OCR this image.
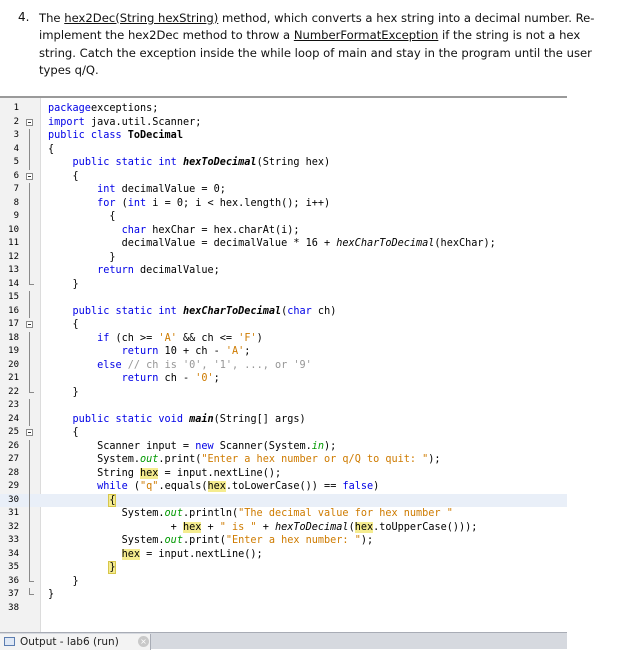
4. The hex2Dec(String hexString) method, which converts a hex string into a decimal number. Re-implement the hex2Dec method to throw a NumberFormatException if the string is not a hex string. Catch the exception inside the while loop of main and stay in the program until the user types q/Q.
1	packageexceptions;
2	import java.util.Scanner;
3	public class ToDecimal
4	{
5	public static int hexToDecimal(String hex)
6	{
7	int decimalValue = 0;
8	for (int i = 0; i < hex.length(); i++)
9	{
10	char hexChar = hex.charAt(i);
11	decimalValue = decimalValue * 16 + hexCharToDecimal(hexChar);
12	}
13	return decimalValue;
14	}
15
16	public static int hexCharToDecimal(char ch)
17	{
18	if (ch >= 'A' && ch <= 'F')
19	return 10 + ch - 'A';
20	else // ch is '0', '1', ..., or '9'
21	return ch - '0';
22	}
23
24	public static void main(String[] args)
25	{
26	Scanner input = new Scanner(System.in);
27	System.out.print("Enter a hex number or q/Q to quit: ");
28	String hex = input.nextLine();
29	while ("q".equals(hex.toLowerCase()) == false)
30	{
31	System.out.println("The decimal value for hex number "
32	+ hex + " is " + hexToDecimal(hex.toUpperCase()));
33	System.out.print("Enter a hex number: ");
34	hex = input.nextLine();
35	}
36	}
37	}
38
Output - lab6 (run)	×
